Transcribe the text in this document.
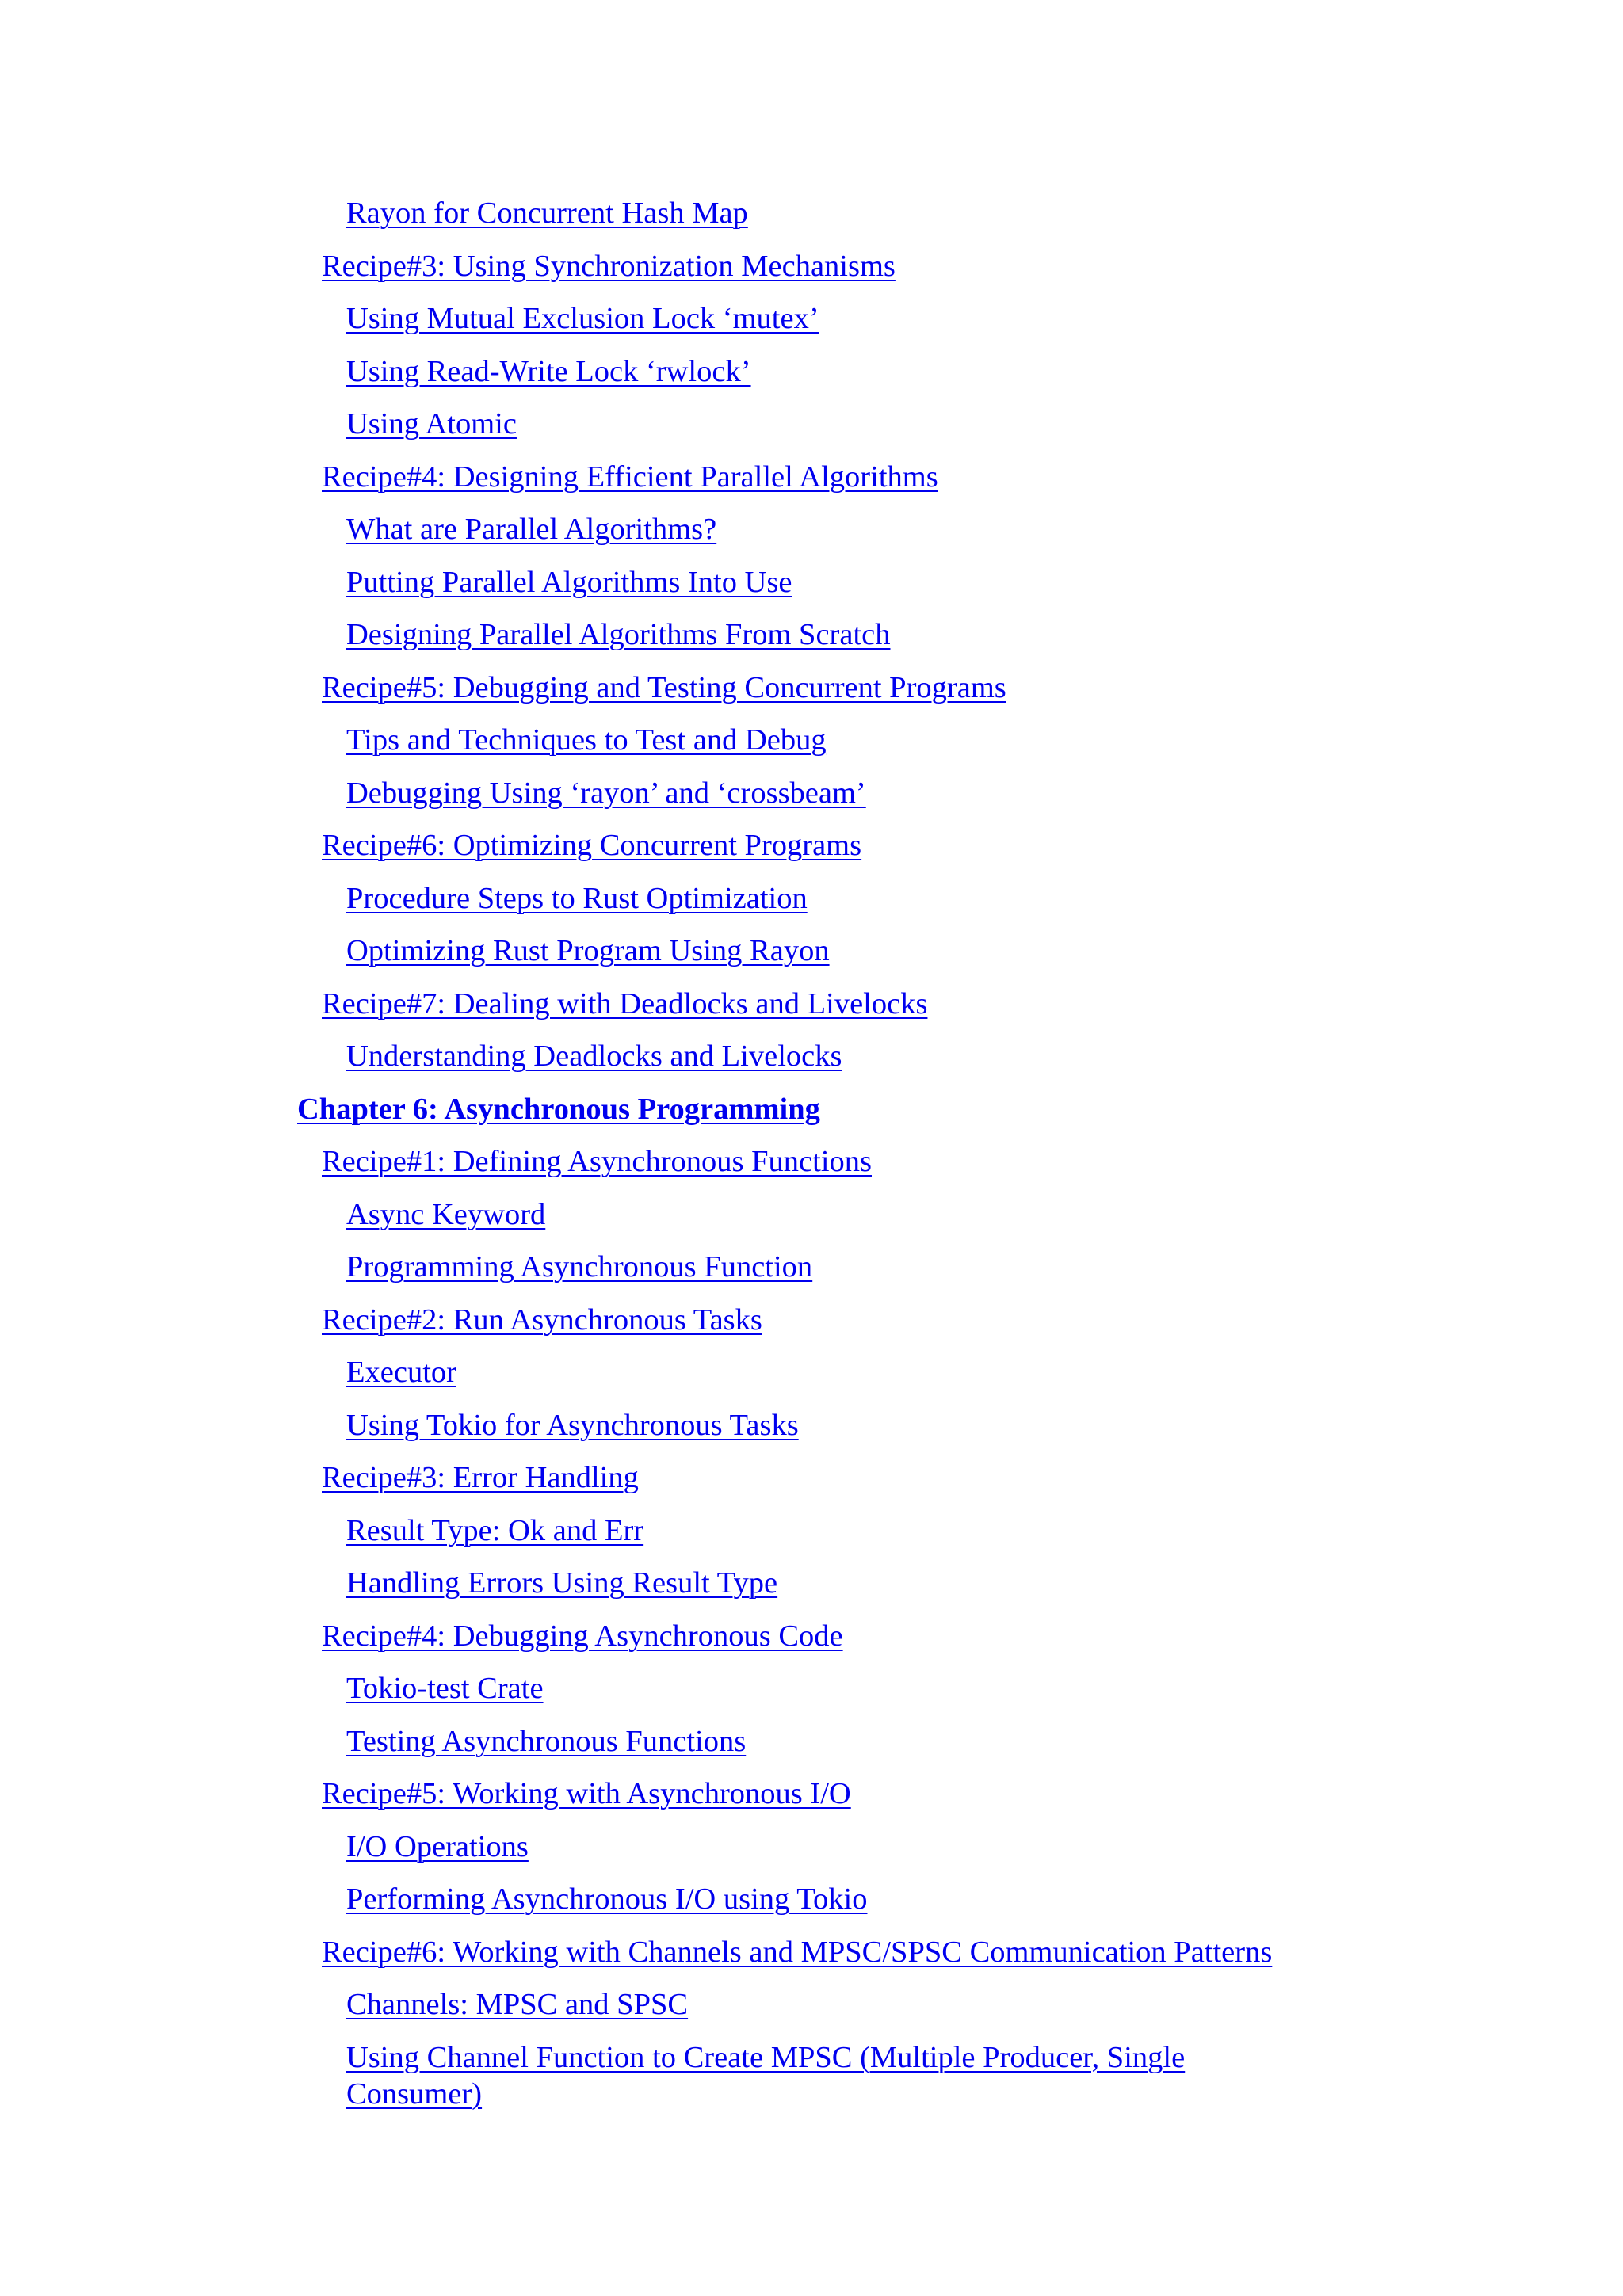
Rayon for Concurrent Hash Map
Recipe#3: Using Synchronization Mechanisms
Using Mutual Exclusion Lock ‘mutex’
Using Read-Write Lock ‘rwlock’
Using Atomic
Recipe#4: Designing Efficient Parallel Algorithms
What are Parallel Algorithms?
Putting Parallel Algorithms Into Use
Designing Parallel Algorithms From Scratch
Recipe#5: Debugging and Testing Concurrent Programs
Tips and Techniques to Test and Debug
Debugging Using ‘rayon’ and ‘crossbeam’
Recipe#6: Optimizing Concurrent Programs
Procedure Steps to Rust Optimization
Optimizing Rust Program Using Rayon
Recipe#7: Dealing with Deadlocks and Livelocks
Understanding Deadlocks and Livelocks
Chapter 6: Asynchronous Programming
Recipe#1: Defining Asynchronous Functions
Async Keyword
Programming Asynchronous Function
Recipe#2: Run Asynchronous Tasks
Executor
Using Tokio for Asynchronous Tasks
Recipe#3: Error Handling
Result Type: Ok and Err
Handling Errors Using Result Type
Recipe#4: Debugging Asynchronous Code
Tokio-test Crate
Testing Asynchronous Functions
Recipe#5: Working with Asynchronous I/O
I/O Operations
Performing Asynchronous I/O using Tokio
Recipe#6: Working with Channels and MPSC/SPSC Communication Patterns
Channels: MPSC and SPSC
Using Channel Function to Create MPSC (Multiple Producer, Single Consumer)
